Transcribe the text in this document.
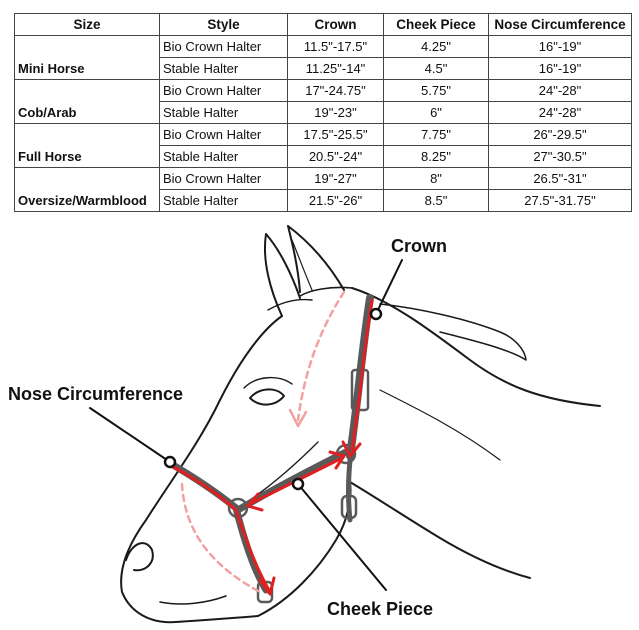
Size	Style	Crown	Cheek Piece	Nose Circumference
Mini Horse	Bio Crown Halter	11.5"-17.5"	4.25"	16"-19"
	Stable Halter	11.25"-14"	4.5"	16"-19"
Cob/Arab	Bio Crown Halter	17"-24.75"	5.75"	24"-28"
	Stable Halter	19"-23"	6"	24"-28"
Full Horse	Bio Crown Halter	17.5"-25.5"	7.75"	26"-29.5"
	Stable Halter	20.5"-24"	8.25"	27"-30.5"
Oversize/Warmblood	Bio Crown Halter	19"-27"	8"	26.5"-31"
	Stable Halter	21.5"-26"	8.5"	27.5"-31.75"
Crown
Nose Circumference
Cheek Piece
